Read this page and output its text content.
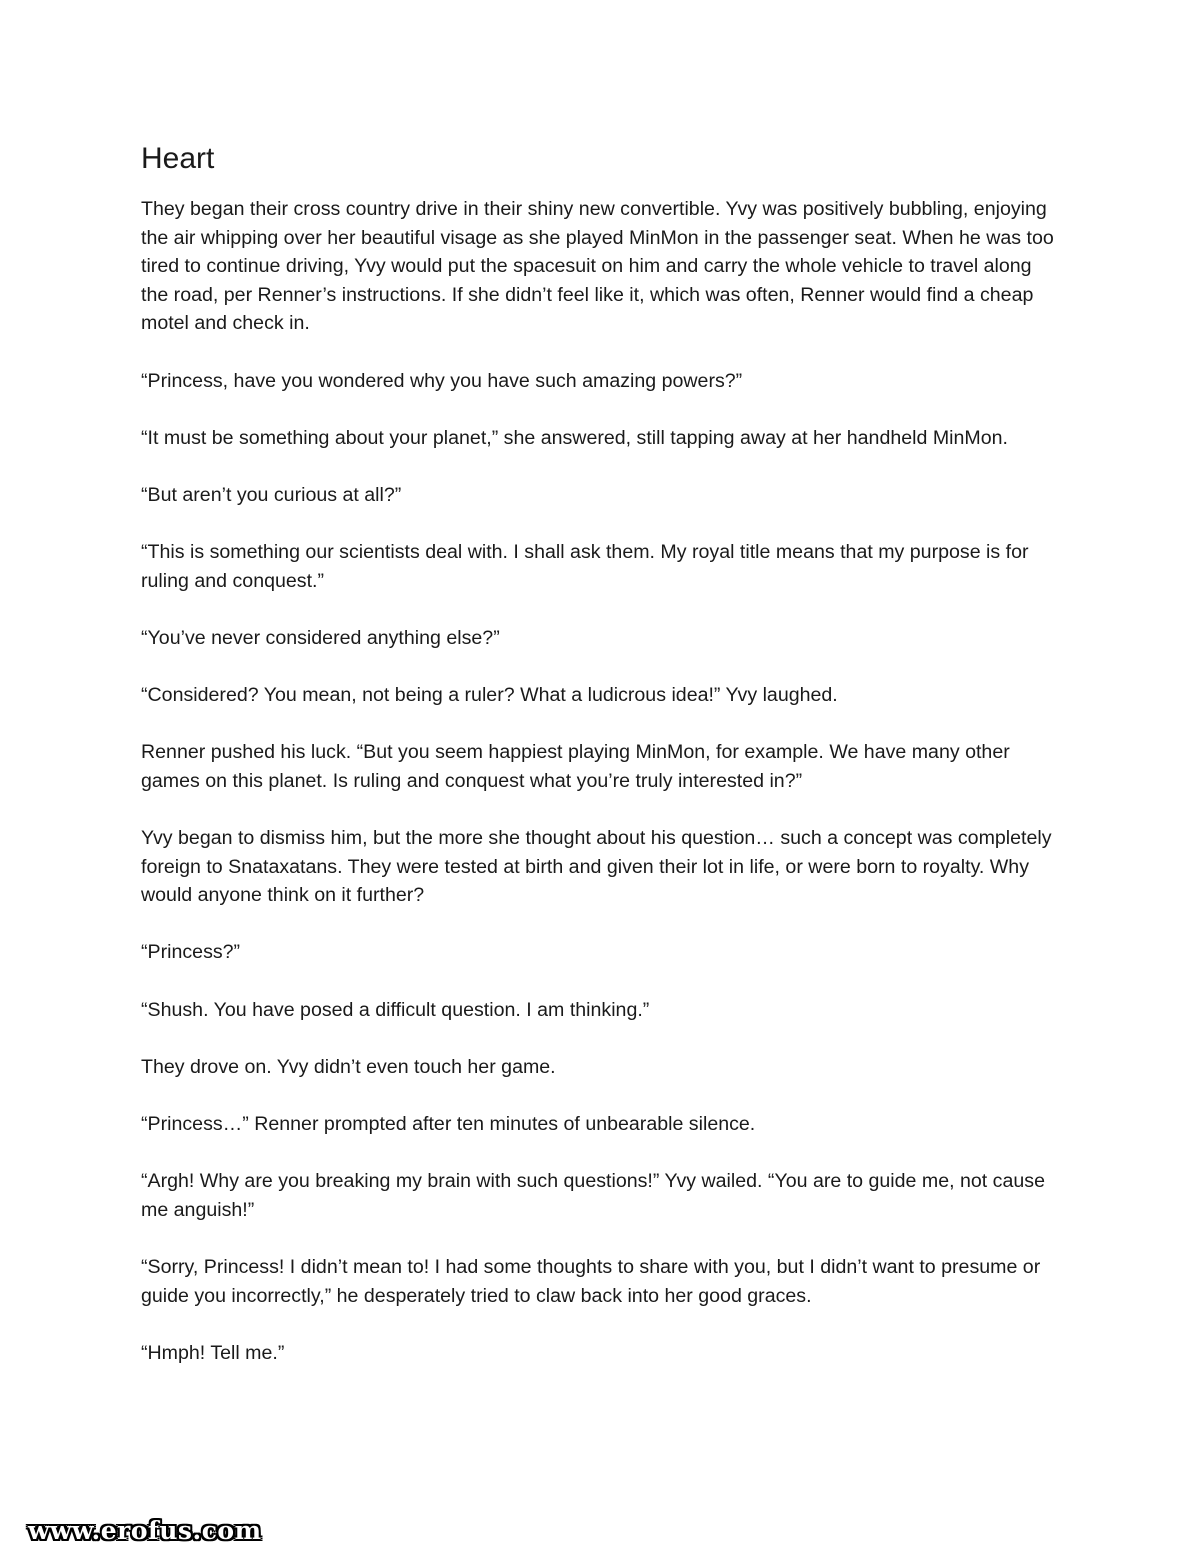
Heart

They began their cross country drive in their shiny new convertible. Yvy was positively bubbling, enjoying the air whipping over her beautiful visage as she played MinMon in the passenger seat. When he was too tired to continue driving, Yvy would put the spacesuit on him and carry the whole vehicle to travel along the road, per Renner’s instructions. If she didn’t feel like it, which was often, Renner would find a cheap motel and check in.

“Princess, have you wondered why you have such amazing powers?”

“It must be something about your planet,” she answered, still tapping away at her handheld MinMon.

“But aren’t you curious at all?”

“This is something our scientists deal with. I shall ask them. My royal title means that my purpose is for ruling and conquest.”

“You’ve never considered anything else?”

“Considered? You mean, not being a ruler? What a ludicrous idea!” Yvy laughed.

Renner pushed his luck. “But you seem happiest playing MinMon, for example. We have many other games on this planet. Is ruling and conquest what you’re truly interested in?”

Yvy began to dismiss him, but the more she thought about his question… such a concept was completely foreign to Snataxatans. They were tested at birth and given their lot in life, or were born to royalty. Why would anyone think on it further?

“Princess?”

“Shush. You have posed a difficult question. I am thinking.”

They drove on. Yvy didn’t even touch her game.

“Princess…” Renner prompted after ten minutes of unbearable silence.

“Argh! Why are you breaking my brain with such questions!” Yvy wailed. “You are to guide me, not cause me anguish!”

“Sorry, Princess! I didn’t mean to! I had some thoughts to share with you, but I didn’t want to presume or guide you incorrectly,” he desperately tried to claw back into her good graces.

“Hmph! Tell me.”

www.erofus.com
